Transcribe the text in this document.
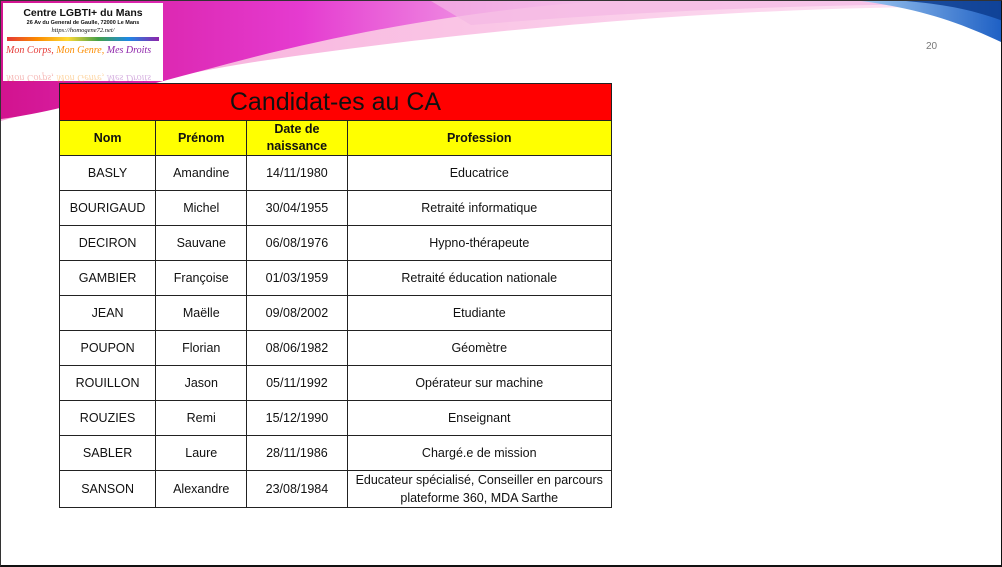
Centre LGBTI+ du Mans
26 Av du General de Gaulle, 72000 Le Mans
https://homogene72.net/
Mon Corps, Mon Genre, Mes Droits
Mon Corps, Mon Genre, Mes Droits
20
Candidat-es au CA			
Nom	Prénom	Date de naissance	Profession
BASLY	Amandine	14/11/1980	Educatrice
BOURIGAUD	Michel	30/04/1955	Retraité informatique
DECIRON	Sauvane	06/08/1976	Hypno-thérapeute
GAMBIER	Françoise	01/03/1959	Retraité éducation nationale
JEAN	Maëlle	09/08/2002	Etudiante
POUPON	Florian	08/06/1982	Géomètre
ROUILLON	Jason	05/11/1992	Opérateur sur machine
ROUZIES	Remi	15/12/1990	Enseignant
SABLER	Laure	28/11/1986	Chargé.e de mission
SANSON	Alexandre	23/08/1984	Educateur spécialisé, Conseiller en parcours plateforme 360, MDA Sarthe
